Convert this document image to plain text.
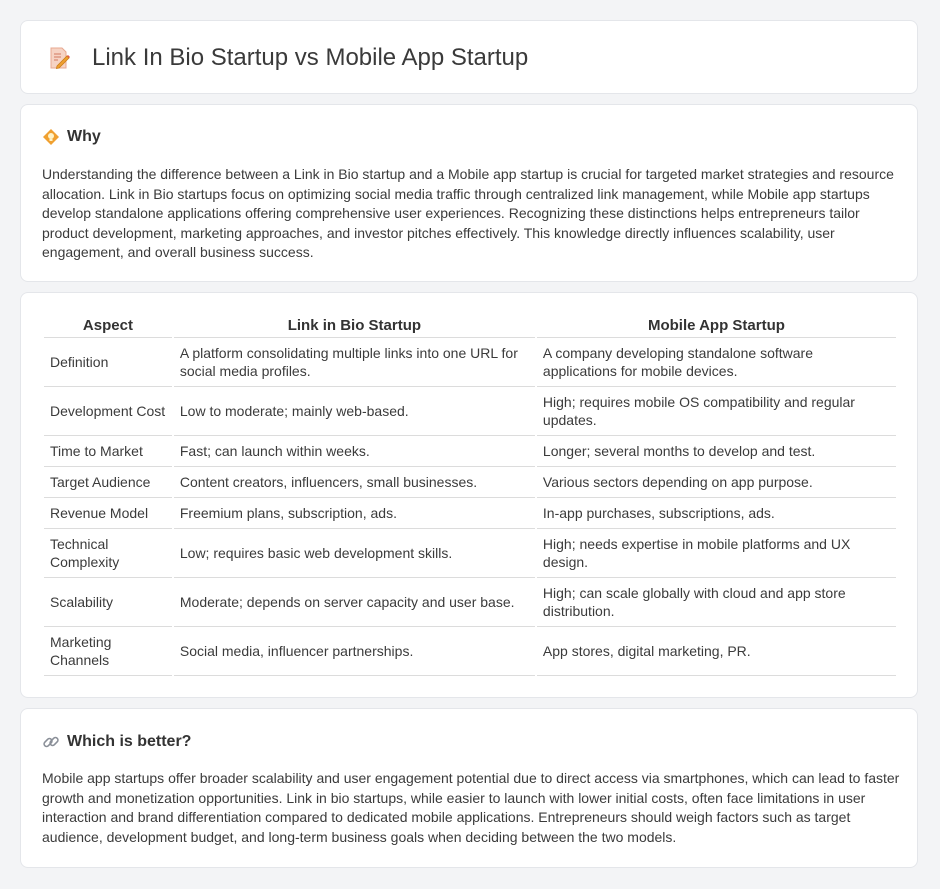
Link In Bio Startup vs Mobile App Startup
Why

Understanding the difference between a Link in Bio startup and a Mobile app startup is crucial for targeted market strategies and resource allocation. Link in Bio startups focus on optimizing social media traffic through centralized link management, while Mobile app startups develop standalone applications offering comprehensive user experiences. Recognizing these distinctions helps entrepreneurs tailor product development, marketing approaches, and investor pitches effectively. This knowledge directly influences scalability, user engagement, and overall business success.

Aspect	Link in Bio Startup	Mobile App Startup
Definition	A platform consolidating multiple links into one URL for social media profiles.	A company developing standalone software applications for mobile devices.
Development Cost	Low to moderate; mainly web-based.	High; requires mobile OS compatibility and regular updates.
Time to Market	Fast; can launch within weeks.	Longer; several months to develop and test.
Target Audience	Content creators, influencers, small businesses.	Various sectors depending on app purpose.
Revenue Model	Freemium plans, subscription, ads.	In-app purchases, subscriptions, ads.
Technical Complexity	Low; requires basic web development skills.	High; needs expertise in mobile platforms and UX design.
Scalability	Moderate; depends on server capacity and user base.	High; can scale globally with cloud and app store distribution.
Marketing Channels	Social media, influencer partnerships.	App stores, digital marketing, PR.
Which is better?

Mobile app startups offer broader scalability and user engagement potential due to direct access via smartphones, which can lead to faster growth and monetization opportunities. Link in bio startups, while easier to launch with lower initial costs, often face limitations in user interaction and brand differentiation compared to dedicated mobile applications. Entrepreneurs should weigh factors such as target audience, development budget, and long-term business goals when deciding between the two models.
